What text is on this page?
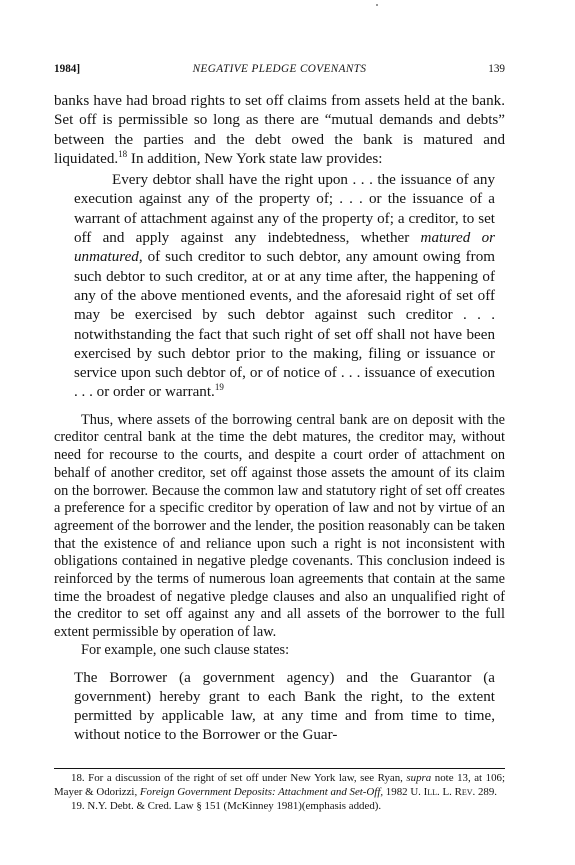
1984]	NEGATIVE PLEDGE COVENANTS	139

banks have had broad rights to set off claims from assets held at the bank. Set off is permissible so long as there are “mutual demands and debts” between the parties and the debt owed the bank is matured and liquidated.$^{18}$ In addition, New York state law provides:

Every debtor shall have the right upon . . . the issuance of any execution against any of the property of; . . . or the issuance of a warrant of attachment against any of the property of; a creditor, to set off and apply against any indebtedness, whether matured or unmatured, of such creditor to such debtor, any amount owing from such debtor to such creditor, at or at any time after, the happening of any of the above mentioned events, and the aforesaid right of set off may be exercised by such debtor against such creditor . . . notwithstanding the fact that such right of set off shall not have been exercised by such debtor prior to the making, filing or issuance or service upon such debtor of, or of notice of . . . issuance of execution . . . or order or warrant.$^{19}$

Thus, where assets of the borrowing central bank are on deposit with the creditor central bank at the time the debt matures, the creditor may, without need for recourse to the courts, and despite a court order of attachment on behalf of another creditor, set off against those assets the amount of its claim on the borrower. Because the common law and statutory right of set off creates a preference for a specific creditor by operation of law and not by virtue of an agreement of the borrower and the lender, the position reasonably can be taken that the existence of and reliance upon such a right is not inconsistent with obligations contained in negative pledge covenants. This conclusion indeed is reinforced by the terms of numerous loan agreements that contain at the same time the broadest of negative pledge clauses and also an unqualified right of the creditor to set off against any and all assets of the borrower to the full extent permissible by operation of law.

For example, one such clause states:

The Borrower (a government agency) and the Guarantor (a government) hereby grant to each Bank the right, to the extent permitted by applicable law, at any time and from time to time, without notice to the Borrower or the Guar-

18. For a discussion of the right of set off under New York law, see Ryan, supra note 13, at 106; Mayer & Odorizzi, Foreign Government Deposits: Attachment and Set-Off, 1982 U. Ill. L. Rev. 289.

19. N.Y. Debt. & Cred. Law § 151 (McKinney 1981)(emphasis added).
